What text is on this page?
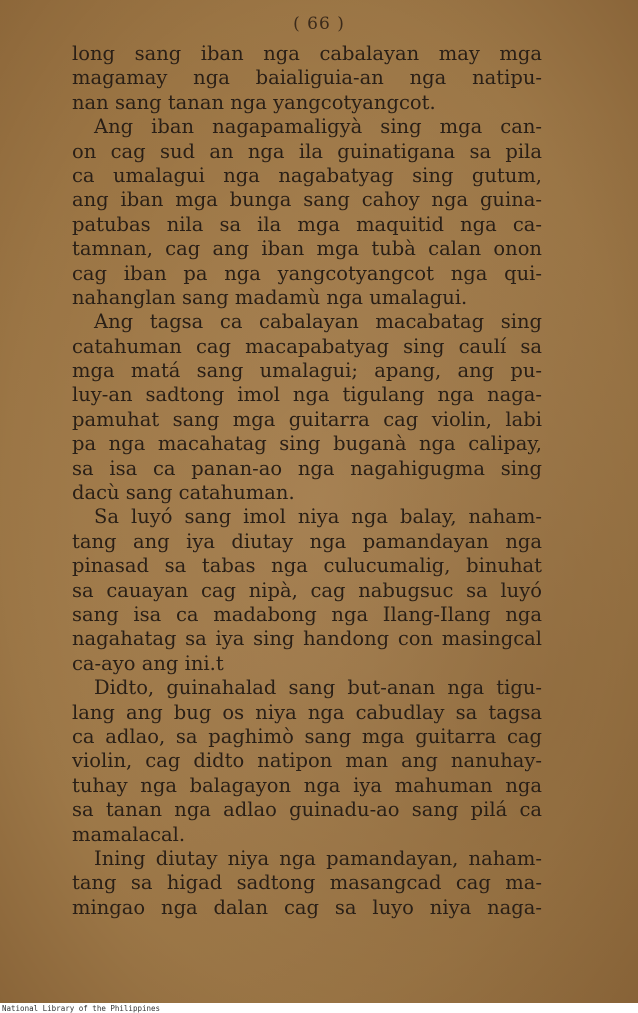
( 66 )
long sang iban nga cabalayan may mga
magamay nga baialiguia-an nga natipu-
nan sang tanan nga yangcotyangcot.
Ang iban nagapamaligyà sing mga can-
on cag sud an nga ila guinatigana sa pila
ca umalagui nga nagabatyag sing gutum,
ang iban mga bunga sang cahoy nga guina-
patubas nila sa ila mga maquitid nga ca-
tamnan, cag ang iban mga tubà calan onon
cag iban pa nga yangcotyangcot nga qui-
nahanglan sang madamù nga umalagui.
Ang tagsa ca cabalayan macabatag sing
catahuman cag macapabatyag sing caulí sa
mga matá sang umalagui; apang, ang pu-
luy-an sadtong imol nga tigulang nga naga-
pamuhat sang mga guitarra cag violin, labi
pa nga macahatag sing buganà nga calipay,
sa isa ca panan-ao nga nagahigugma sing
dacù sang catahuman.
Sa luyó sang imol niya nga balay, naham-
tang ang iya diutay nga pamandayan nga
pinasad sa tabas nga culucumalig, binuhat
sa cauayan cag nipà, cag nabugsuc sa luyó
sang isa ca madabong nga Ilang-Ilang nga
nagahatag sa iya sing handong con masingcal
ca-ayo ang ini.t
Didto, guinahalad sang but-anan nga tigu-
lang ang bug os niya nga cabudlay sa tagsa
ca adlao, sa paghimò sang mga guitarra cag
violin, cag didto natipon man ang nanuhay-
tuhay nga balagayon nga iya mahuman nga
sa tanan nga adlao guinadu-ao sang pilá ca
mamalacal.
Ining diutay niya nga pamandayan, naham-
tang sa higad sadtong masangcad cag ma-
mingao nga dalan cag sa luyo niya naga-
National Library of the Philippines
